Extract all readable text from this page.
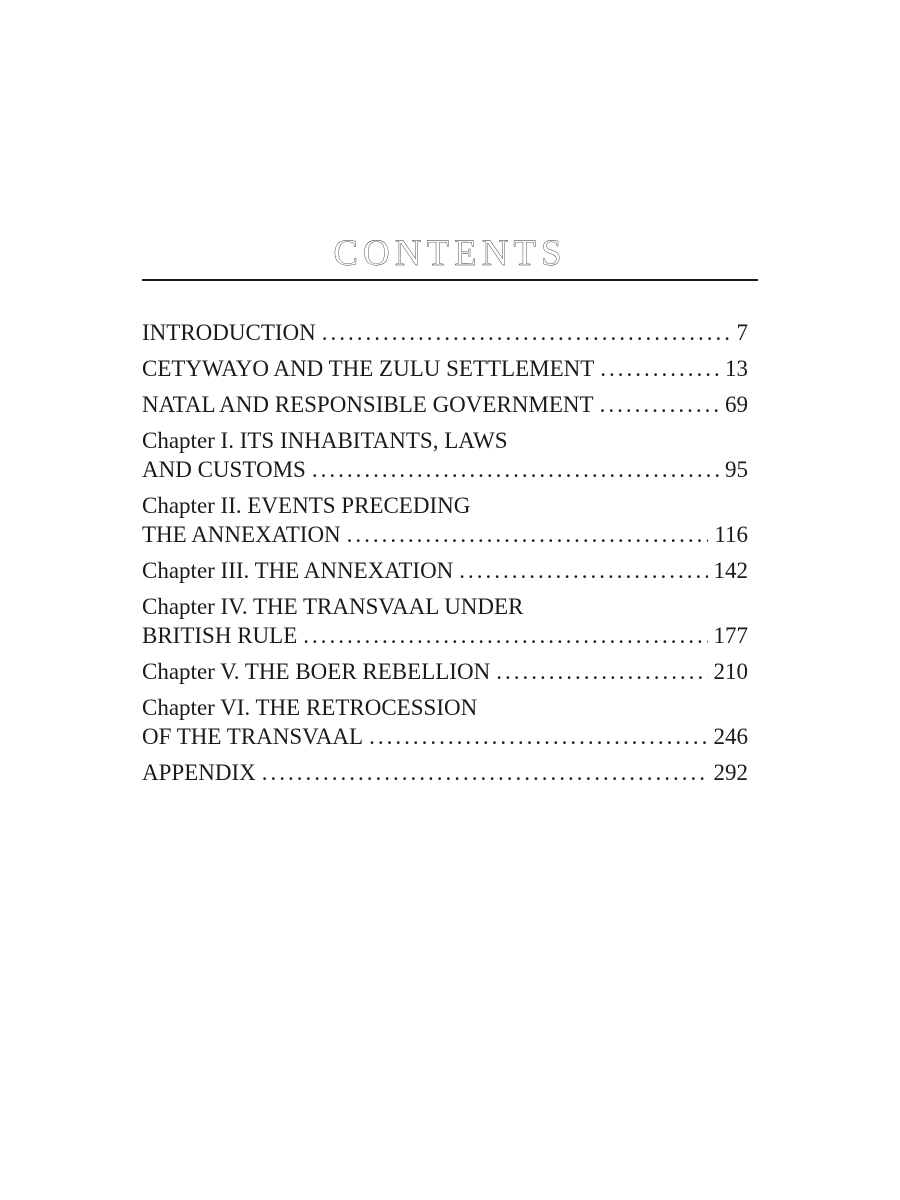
CONTENTS
INTRODUCTION .....	7
CETYWAYO AND THE ZULU SETTLEMENT .....	13
NATAL AND RESPONSIBLE GOVERNMENT .....	69
Chapter I. ITS INHABITANTS, LAWS
AND CUSTOMS .....	95
Chapter II. EVENTS PRECEDING
THE ANNEXATION .....	116
Chapter III. THE ANNEXATION .....	142
Chapter IV. THE TRANSVAAL UNDER
BRITISH RULE .....	177
Chapter V. THE BOER REBELLION .....	210
Chapter VI. THE RETROCESSION
OF THE TRANSVAAL .....	246
APPENDIX .....	292
